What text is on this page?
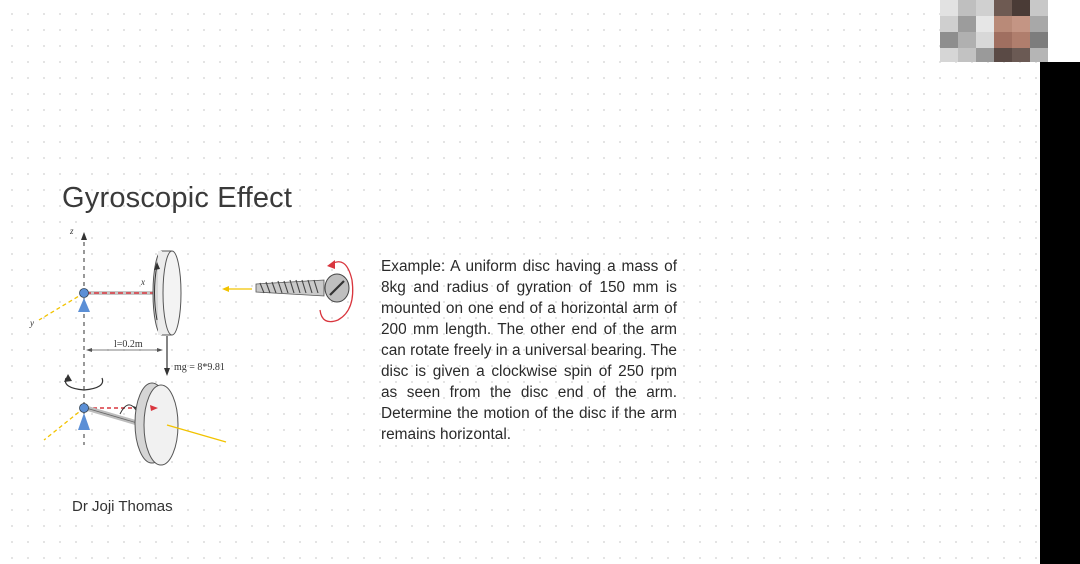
Gyroscopic Effect
z
y
x
mg = 8*9.81
l=0.2m
Example: A uniform disc having a mass of 8kg and radius of gyration of 150 mm is mounted on one end of a horizontal arm of 200 mm length. The other end of the arm can rotate freely in a universal bearing. The disc is given a clockwise spin of 250 rpm as seen from the disc end of the arm. Determine the motion of the disc if the arm remains horizontal.
Dr Joji Thomas
